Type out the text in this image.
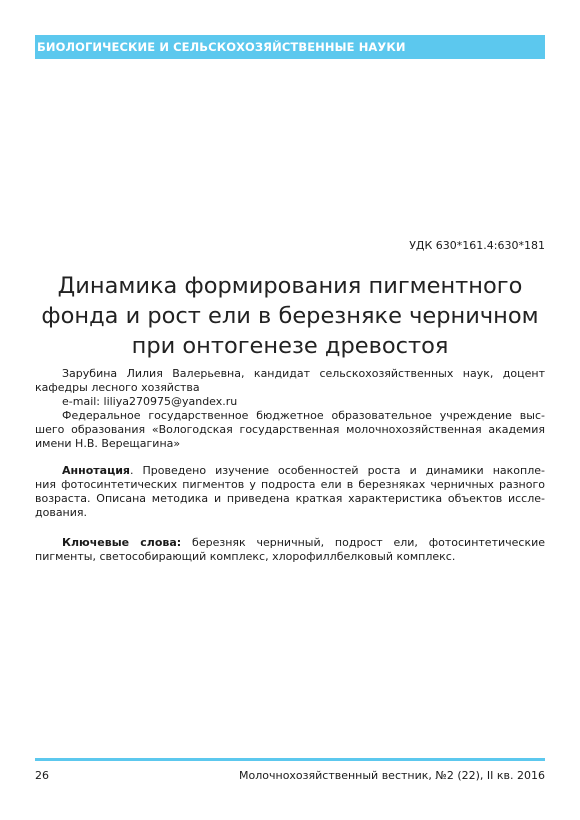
БИОЛОГИЧЕСКИЕ И СЕЛЬСКОХОЗЯЙСТВЕННЫЕ НАУКИ
УДК 630*161.4:630*181
Динамика формирования пигментного
фонда и рост ели в березняке черничном
при онтогенезе древостоя
Зарубина Лилия Валерьевна, кандидат сельскохозяйственных наук, доцент
кафедры лесного хозяйства
e-mail: liliya270975@yandex.ru
Федеральное государственное бюджетное образовательное учреждение выс-
шего образования «Вологодская государственная молочнохозяйственная академия
имени Н.В. Верещагина»
Аннотация. Проведено изучение особенностей роста и динамики накопле-
ния фотосинтетических пигментов у подроста ели в березняках черничных разного
возраста. Описана методика и приведена краткая характеристика объектов иссле-
дования.
Ключевые слова: березняк черничный, подрост ели, фотосинтетические
пигменты, светособирающий комплекс, хлорофиллбелковый комплекс.
26	Молочнохозяйственный вестник, №2 (22), II кв. 2016
